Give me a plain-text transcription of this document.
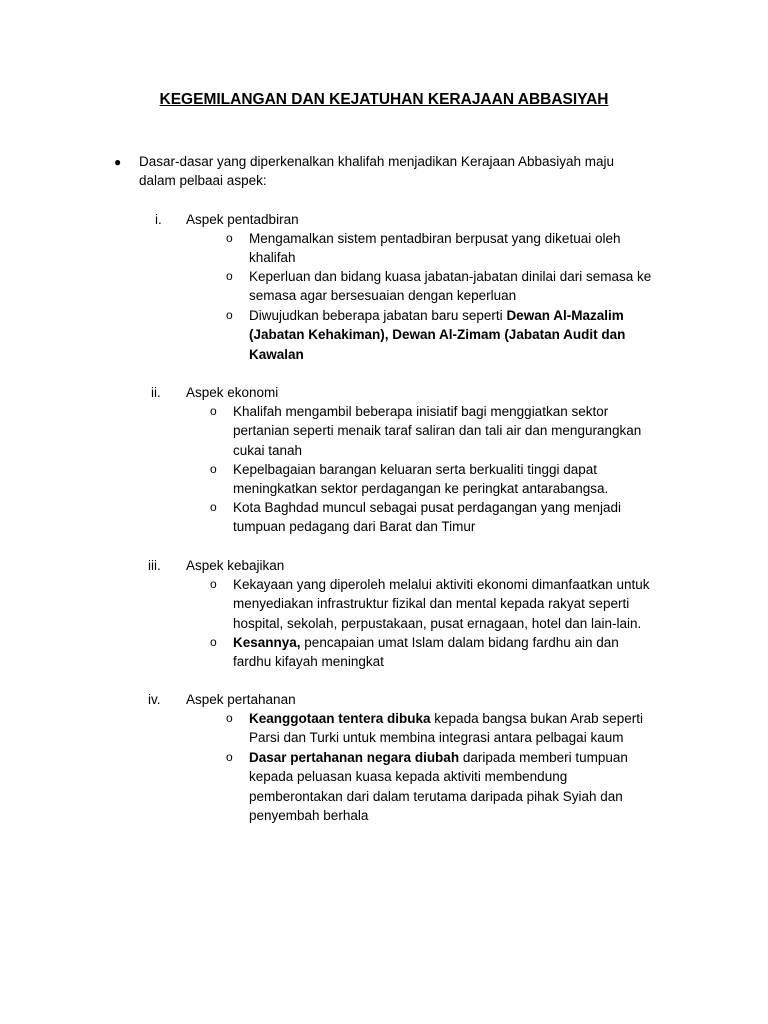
KEGEMILANGAN DAN KEJATUHAN KERAJAAN ABBASIYAH
● Dasar-dasar yang diperkenalkan khalifah menjadikan Kerajaan Abbasiyah maju
dalam pelbaai aspek:
i.	Aspek pentadbiran
o Mengamalkan sistem pentadbiran berpusat yang diketuai oleh
khalifah
o Keperluan dan bidang kuasa jabatan-jabatan dinilai dari semasa ke
semasa agar bersesuaian dengan keperluan
o Diwujudkan beberapa jabatan baru seperti Dewan Al-Mazalim
(Jabatan Kehakiman), Dewan Al-Zimam (Jabatan Audit dan
Kawalan
ii.	Aspek ekonomi
o Khalifah mengambil beberapa inisiatif bagi menggiatkan sektor
pertanian seperti menaik taraf saliran dan tali air dan mengurangkan
cukai tanah
o Kepelbagaian barangan keluaran serta berkualiti tinggi dapat
meningkatkan sektor perdagangan ke peringkat antarabangsa.
o Kota Baghdad muncul sebagai pusat perdagangan yang menjadi
tumpuan pedagang dari Barat dan Timur
iii.	Aspek kebajikan
o Kekayaan yang diperoleh melalui aktiviti ekonomi dimanfaatkan untuk
menyediakan infrastruktur fizikal dan mental kepada rakyat seperti
hospital, sekolah, perpustakaan, pusat ernagaan, hotel dan lain-lain.
o Kesannya, pencapaian umat Islam dalam bidang fardhu ain dan
fardhu kifayah meningkat
iv.	Aspek pertahanan
o Keanggotaan tentera dibuka kepada bangsa bukan Arab seperti
Parsi dan Turki untuk membina integrasi antara pelbagai kaum
o Dasar pertahanan negara diubah daripada memberi tumpuan
kepada peluasan kuasa kepada aktiviti membendung
pemberontakan dari dalam terutama daripada pihak Syiah dan
penyembah berhala
